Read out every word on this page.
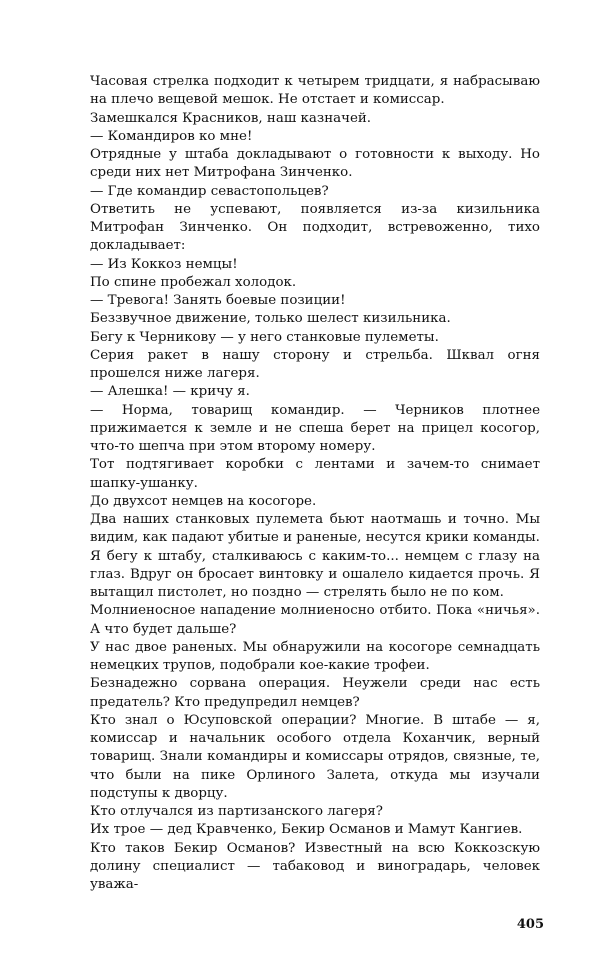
Часовая стрелка подходит к четырем тридцати, я набрасываю на плечо вещевой мешок. Не отстает и комиссар.

Замешкался Красников, наш казначей.

— Командиров ко мне!

Отрядные у штаба докладывают о готовности к выходу. Но среди них нет Митрофана Зинченко.

— Где командир севастопольцев?

Ответить не успевают, появляется из-за кизильника Митрофан Зинченко. Он подходит, встревоженно, тихо докладывает:

— Из Коккоз немцы!

По спине пробежал холодок.

— Тревога! Занять боевые позиции!

Беззвучное движение, только шелест кизильника.

Бегу к Черникову — у него станковые пулеметы.

Серия ракет в нашу сторону и стрельба. Шквал огня прошелся ниже лагеря.

— Алешка! — кричу я.

— Норма, товарищ командир. — Черников плотнее прижимается к земле и не спеша берет на прицел косогор, что-то шепча при этом второму номеру.

Тот подтягивает коробки с лентами и зачем-то снимает шапку-ушанку.

До двухсот немцев на косогоре.

Два наших станковых пулемета бьют наотмашь и точно. Мы видим, как падают убитые и раненые, несутся крики команды.

Я бегу к штабу, сталкиваюсь с каким-то... немцем с глазу на глаз. Вдруг он бросает винтовку и ошалело кидается прочь. Я вытащил пистолет, но поздно — стрелять было не по ком.

Молниеносное нападение молниеносно отбито. Пока «ничья». А что будет дальше?

У нас двое раненых. Мы обнаружили на косогоре семнадцать немецких трупов, подобрали кое-какие трофеи.

Безнадежно сорвана операция. Неужели среди нас есть предатель? Кто предупредил немцев?

Кто знал о Юсуповской операции? Многие. В штабе — я, комиссар и начальник особого отдела Коханчик, верный товарищ. Знали командиры и комиссары отрядов, связные, те, что были на пике Орлиного Залета, откуда мы изучали подступы к дворцу.

Кто отлучался из партизанского лагеря?

Их трое — дед Кравченко, Бекир Османов и Мамут Кангиев.

Кто таков Бекир Османов? Известный на всю Коккозскую долину специалист — табаковод и виноградарь, человек уважа-

405
